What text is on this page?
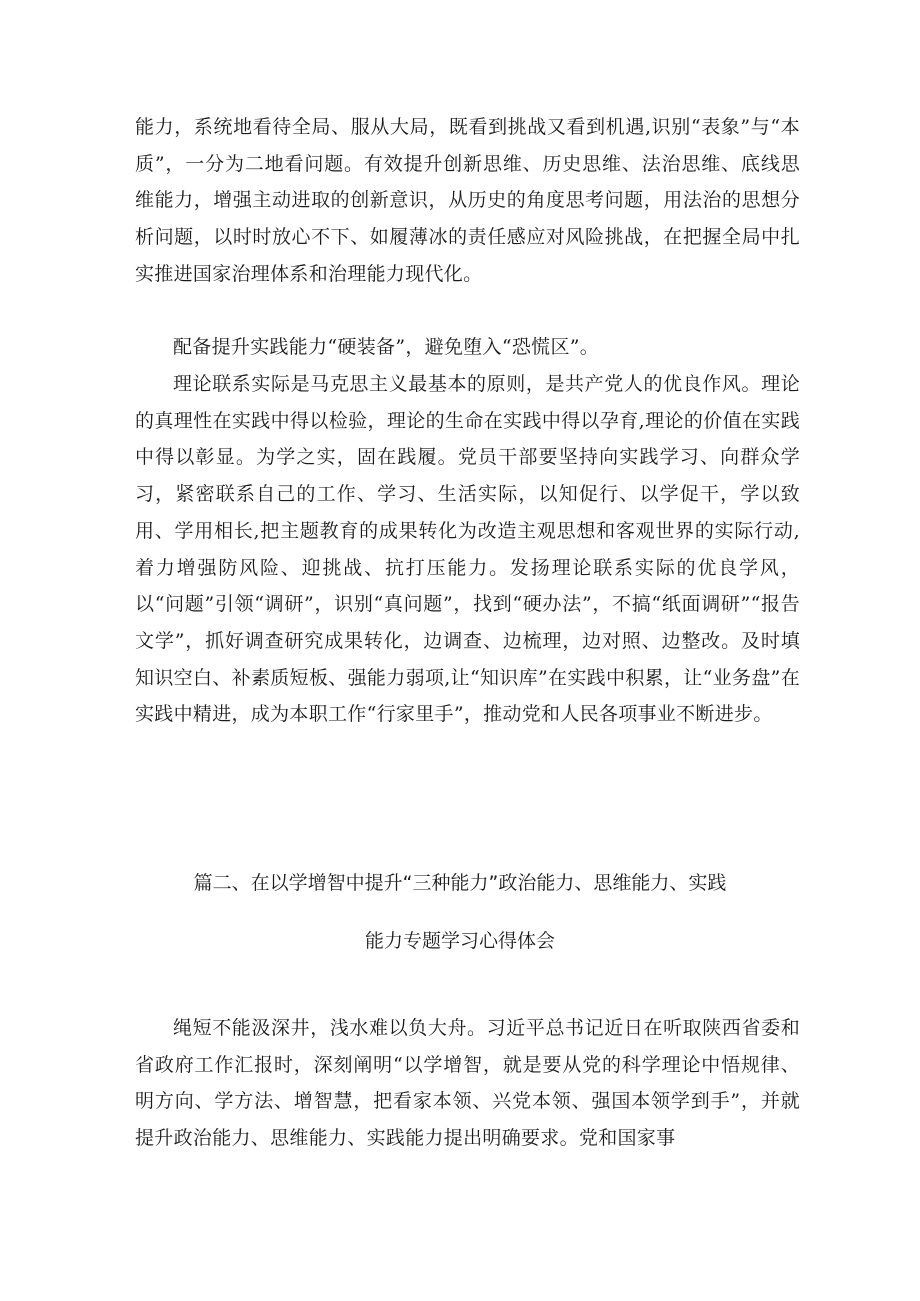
能力，系统地看待全局、服从大局，既看到挑战又看到机遇,识别“表象”与“本质”，一分为二地看问题。有效提升创新思维、历史思维、法治思维、底线思维能力，增强主动进取的创新意识，从历史的角度思考问题，用法治的思想分析问题，以时时放心不下、如履薄冰的责任感应对风险挑战，在把握全局中扎实推进国家治理体系和治理能力现代化。

配备提升实践能力“硬装备”，避免堕入“恐慌区”。

理论联系实际是马克思主义最基本的原则，是共产党人的优良作风。理论的真理性在实践中得以检验，理论的生命在实践中得以孕育,理论的价值在实践中得以彰显。为学之实，固在践履。党员干部要坚持向实践学习、向群众学习，紧密联系自己的工作、学习、生活实际，以知促行、以学促干，学以致用、学用相长,把主题教育的成果转化为改造主观思想和客观世界的实际行动,着力增强防风险、迎挑战、抗打压能力。发扬理论联系实际的优良学风，以“问题”引领“调研”，识别“真问题”，找到“硬办法”，不搞“纸面调研”“报告文学”，抓好调查研究成果转化，边调查、边梳理，边对照、边整改。及时填知识空白、补素质短板、强能力弱项,让“知识库”在实践中积累，让“业务盘”在实践中精进，成为本职工作“行家里手”，推动党和人民各项事业不断进步。

篇二、在以学增智中提升“三种能力”政治能力、思维能力、实践

能力专题学习心得体会

绳短不能汲深井，浅水难以负大舟。习近平总书记近日在听取陕西省委和省政府工作汇报时，深刻阐明“以学增智，就是要从党的科学理论中悟规律、明方向、学方法、增智慧，把看家本领、兴党本领、强国本领学到手”，并就提升政治能力、思维能力、实践能力提出明确要求。党和国家事
